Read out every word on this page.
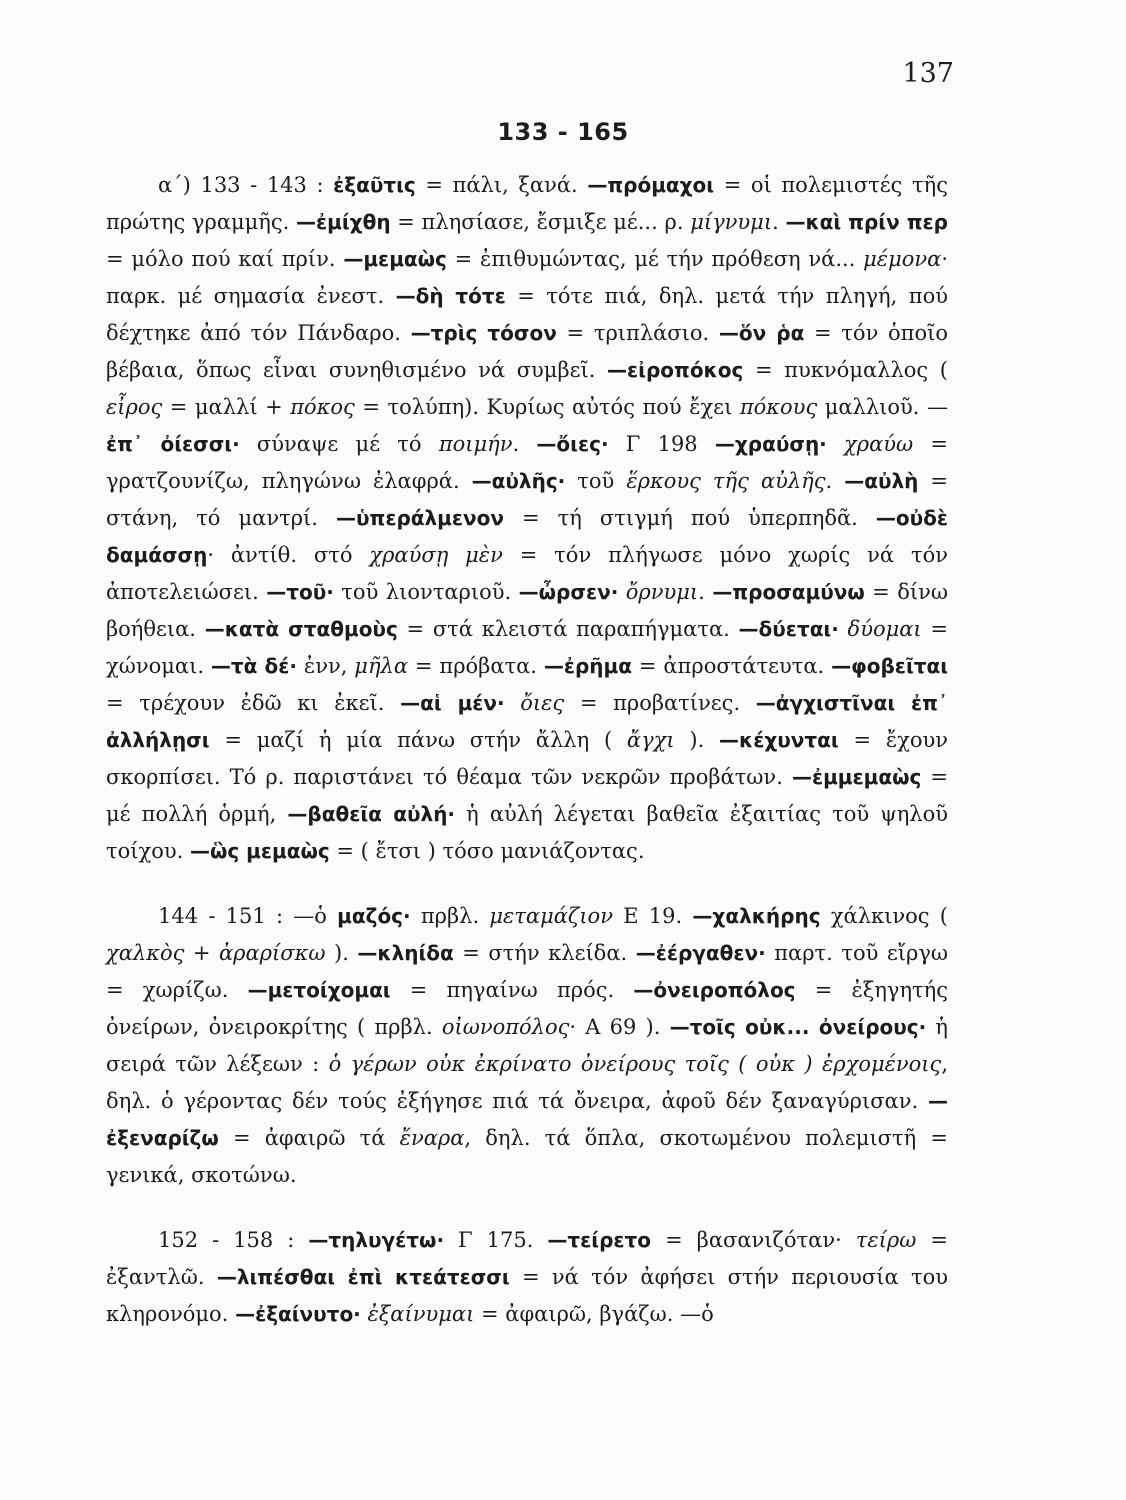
137
133 - 165

α΄) 133 - 143 : ἐξαῦτις = πάλι, ξανά. —πρόμαχοι = οἱ πολεμιστές τῆς πρώτης γραμμῆς. —ἐμίχθη = πλησίασε, ἔσμιξε μέ... ρ. μίγνυμι. —καὶ πρίν περ = μόλο πού καί πρίν. —μεμαὼς = ἐπιθυμώντας, μέ τήν πρόθεση νά... μέμονα· παρκ. μέ σημασία ἐνεστ. —δὴ τότε = τότε πιά, δηλ. μετά τήν πληγή, πού δέχτηκε ἀπό τόν Πάνδαρο. —τρὶς τόσον = τριπλάσιο. —ὅν ῥα = τόν ὁποῖο βέβαια, ὅπως εἶναι συνηθισμένο νά συμβεῖ. —εἰροπόκος = πυκνόμαλλος ( εἶρος = μαλλί + πόκος = τολύπη). Κυρίως αὐτός πού ἔχει πόκους μαλλιοῦ. — ἐπ᾽ ὀίεσσι· σύναψε μέ τό ποιμήν. —ὄιες· Γ 198 —χραύσῃ· χραύω = γρατζουνίζω, πληγώνω ἐλαφρά. —αὐλῆς· τοῦ ἕρκους τῆς αὐλῆς. —αὐλὴ = στάνη, τό μαντρί. —ὑπεράλμενον = τή στιγμή πού ὑπερπηδᾶ. —οὐδὲ δαμάσσῃ· ἀντίθ. στό χραύσῃ μὲν = τόν πλήγωσε μόνο χωρίς νά τόν ἀποτελειώσει. —τοῦ· τοῦ λιονταριοῦ. —ὦρσεν· ὄρνυμι. —προσαμύνω = δίνω βοήθεια. —κατὰ σταθμοὺς = στά κλειστά παραπήγματα. —δύεται· δύομαι = χώνομαι. —τὰ δέ· ἐνν, μῆλα = πρόβατα. —ἐρῆμα = ἀπροστάτευτα. —φοβεῖται = τρέχουν ἐδῶ κι ἐκεῖ. —αἱ μέν· ὄιες = προβατίνες. —ἀγχιστῖναι ἐπ᾽ ἀλλήλῃσι = μαζί ἡ μία πάνω στήν ἄλλη ( ἄγχι ). —κέχυνται = ἔχουν σκορπίσει. Τό ρ. παριστάνει τό θέαμα τῶν νεκρῶν προβάτων. —ἐμμεμαὼς = μέ πολλή ὁρμή, —βαθεῖα αὐλή· ἡ αὐλή λέγεται βαθεῖα ἐξαιτίας τοῦ ψηλοῦ τοίχου. —ὣς μεμαὼς = ( ἔτσι ) τόσο μανιάζοντας.

144 - 151 : —ὁ μαζός· πρβλ. μεταμάζιον Ε 19. —χαλκήρης χάλκινος ( χαλκὸς + ἀραρίσκω ). —κληίδα = στήν κλείδα. —ἐέργαθεν· παρτ. τοῦ εἴργω = χωρίζω. —μετοίχομαι = πηγαίνω πρός. —ὀνειροπόλος = ἐξηγητής ὀνείρων, ὀνειροκρίτης ( πρβλ. οἰωνοπόλος· Α 69 ). —τοῖς οὐκ... ὀνείρους· ἡ σειρά τῶν λέξεων : ὁ γέρων οὐκ ἐκρίνατο ὀνείρους τοῖς ( οὐκ ) ἐρχομένοις, δηλ. ὁ γέροντας δέν τούς ἐξήγησε πιά τά ὄνειρα, ἀφοῦ δέν ξαναγύρισαν. —ἐξεναρίζω = ἀφαιρῶ τά ἔναρα, δηλ. τά ὅπλα, σκοτωμένου πολεμιστῆ = γενικά, σκοτώνω.

152 - 158 : —τηλυγέτω· Γ 175. —τείρετο = βασανιζόταν· τείρω = ἐξαντλῶ. —λιπέσθαι ἐπὶ κτεάτεσσι = νά τόν ἀφήσει στήν περιουσία του κληρονόμο. —ἐξαίνυτο· ἐξαίνυμαι = ἀφαιρῶ, βγάζω. —ὁ
